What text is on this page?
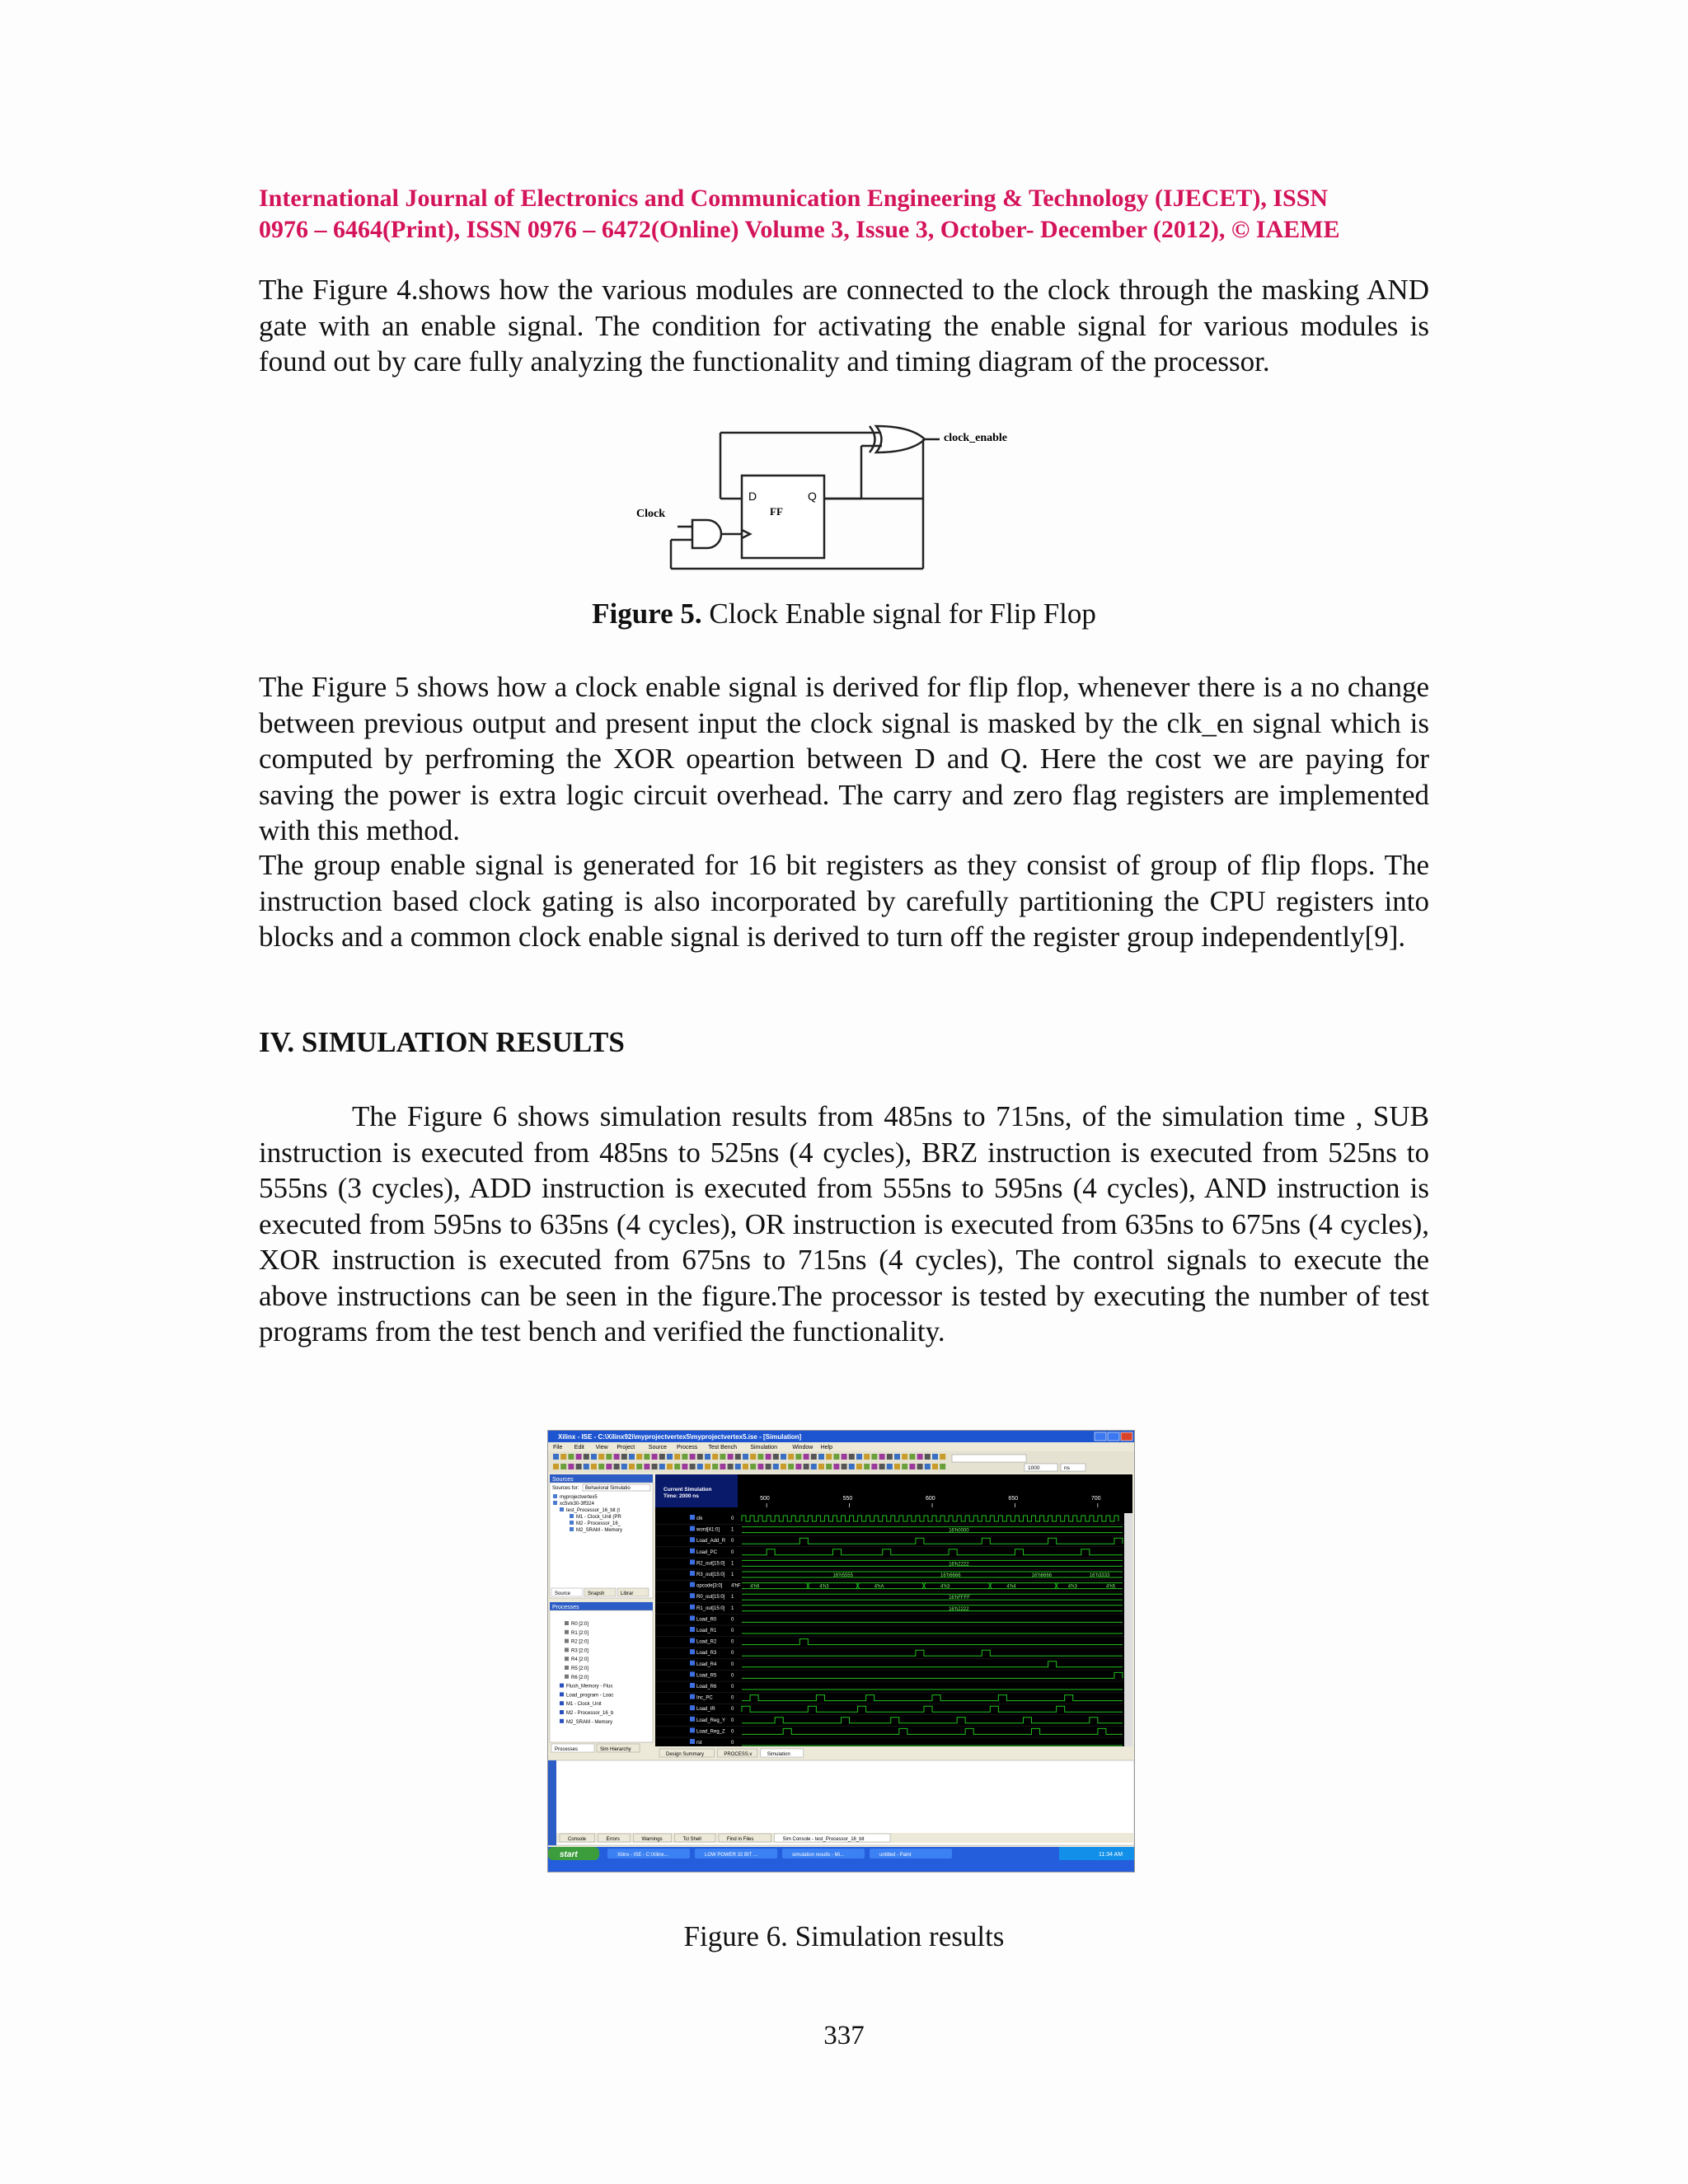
International Journal of Electronics and Communication Engineering & Technology (IJECET), ISSN
0976 – 6464(Print), ISSN 0976 – 6472(Online) Volume 3, Issue 3, October- December (2012), © IAEME
The Figure 4.shows how the various modules are connected to the clock through the masking AND gate with an enable signal. The condition for activating the enable signal for various modules is found out by care fully analyzing the functionality and timing diagram of the processor.
clock_enable
Clock
D	Q
FF
Figure 5. Clock Enable signal for Flip Flop
The Figure 5 shows how a clock enable signal is derived for flip flop, whenever there is a no change between previous output and present input the clock signal is masked by the clk_en signal which is computed by perfroming the XOR opeartion between D and Q. Here the cost we are paying for saving the power is extra logic circuit overhead. The carry and zero flag registers are implemented with this method.
The group enable signal is generated for 16 bit registers as they consist of group of flip flops. The instruction based clock gating is also incorporated by carefully partitioning the CPU registers into blocks and a common clock enable signal is derived to turn off the register group independently[9].
IV. SIMULATION RESULTS
The Figure 6 shows simulation results from 485ns to 715ns, of the simulation time , SUB instruction is executed from 485ns to 525ns (4 cycles), BRZ instruction is executed from 525ns to 555ns (3 cycles), ADD instruction is executed from 555ns to 595ns (4 cycles), AND instruction is executed from 595ns to 635ns (4 cycles), OR instruction is executed from 635ns to 675ns (4 cycles), XOR instruction is executed from 675ns to 715ns (4 cycles), The control signals to execute the above instructions can be seen in the figure.The processor is tested by executing the number of test programs from the test bench and verified the functionality.
Xilinx - ISE - C:\Xilinx92i\myprojectvertex5\myprojectvertex5.ise - [Simulation]
File Edit View Project Source Process Test Bench Simulation	Window Help
1000	ns
Sources
Sources for: Behavioral Simulatio
myprojectvertex5
xc5vlx30-3ff324
test_Processor_16_bit (t
M1 - Clock_Unit (PR
M2 - Processor_16_
M2_SRAM - Memory
Source	Snapsh	Librar
Processes
R0 [2:0]
R1 [2:0]
R2 [2:0]
R3 [2:0]
R4 [2:0]
R5 [2:0]
R6 [2:0]
Flush_Memory - Flus
Load_program - Loac
M1 - Clock_Unit
M2 - Processor_16_b
M2_SRAM - Memory
Processes	Sim Hierarchy
Current Simulation
Time: 2000 ns	500	550	600	650	700
clk	0
word[41:0] 1
Load_Add_R 0
Load_PC	0
R2_out[15:0] 1
R3_out[15:0] 1
opcode[3:0] 4'hF
R0_out[15:0] 1
R1_out[15:0] 1
Load_R0	0
Load_R1	0
Load_R2	0
Load_R3	0
Load_R4	0
Load_R5	0
Load_R6	0
Inc_PC	0
Load_IR	0
Load_Reg_Y 0
Load_Reg_Z 0
rst	0
16'h0000
16'h2222
16'h5555	16'h6666	16'h6666	16'h3333
4'h9	4'h3	4'hA	4'h3	4'h4	4'h3	4'h5
16'hFFFF
16'h2222
Design Summary	PROCESS.v	Simulation
Console	Errors	Warnings	Tcl Shell	Find in Files	Sim Console - test_Processor_16_bit
start	Xilinx - ISE - C:\Xilinx...	LOW POWER 32 BIT ...	simulation results - Mi...	untitled - Paint	11:34 AM
Figure 6. Simulation results
337
